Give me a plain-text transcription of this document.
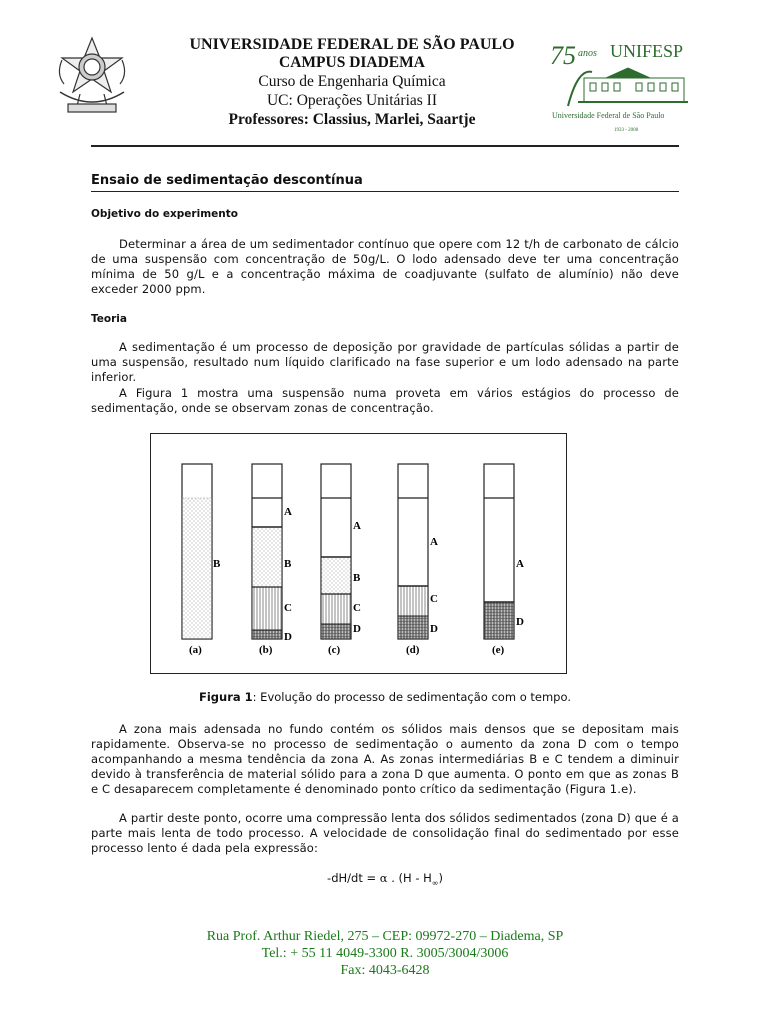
UNIVERSIDADE FEDERAL DE SÃO PAULO
CAMPUS DIADEMA
Curso de Engenharia Química
UC: Operações Unitárias II
Professores: Classius, Marlei, Saartje
75 anos UNIFESP
Universidade Federal de São Paulo
1933 - 2008
Ensaio de sedimentação descontínua
Objetivo do experimento
Determinar a área de um sedimentador contínuo que opere com 12 t/h de carbonato de cálcio de uma suspensão com concentração de 50g/L. O lodo adensado deve ter uma concentração mínima de 50 g/L e a concentração máxima de coadjuvante (sulfato de alumínio) não deve exceder 2000 ppm.
Teoria
A sedimentação é um processo de deposição por gravidade de partículas sólidas a partir de uma suspensão, resultado num líquido clarificado na fase superior e um lodo adensado na parte inferior.
A Figura 1 mostra uma suspensão numa proveta em vários estágios do processo de sedimentação, onde se observam zonas de concentração.
B
(a)
A
B
C
D
(b)
A
B
C
D
(c)
A
C
D
(d)
A
D
(e)
Figura 1: Evolução do processo de sedimentação com o tempo.
A zona mais adensada no fundo contém os sólidos mais densos que se depositam mais rapidamente. Observa-se no processo de sedimentação o aumento da zona D com o tempo acompanhando a mesma tendência da zona A. As zonas intermediárias B e C tendem a diminuir devido à transferência de material sólido para a zona D que aumenta. O ponto em que as zonas B e C desaparecem completamente é denominado ponto crítico da sedimentação (Figura 1.e).
A partir deste ponto, ocorre uma compressão lenta dos sólidos sedimentados (zona D) que é a parte mais lenta de todo processo. A velocidade de consolidação final do sedimentado por esse processo lento é dada pela expressão:
-dH/dt = α . $(H - H_\infty)$
Rua Prof. Arthur Riedel, 275 – CEP: 09972-270 – Diadema, SP
Tel.: + 55 11 4049-3300 R. 3005/3004/3006
Fax: 4043-6428
